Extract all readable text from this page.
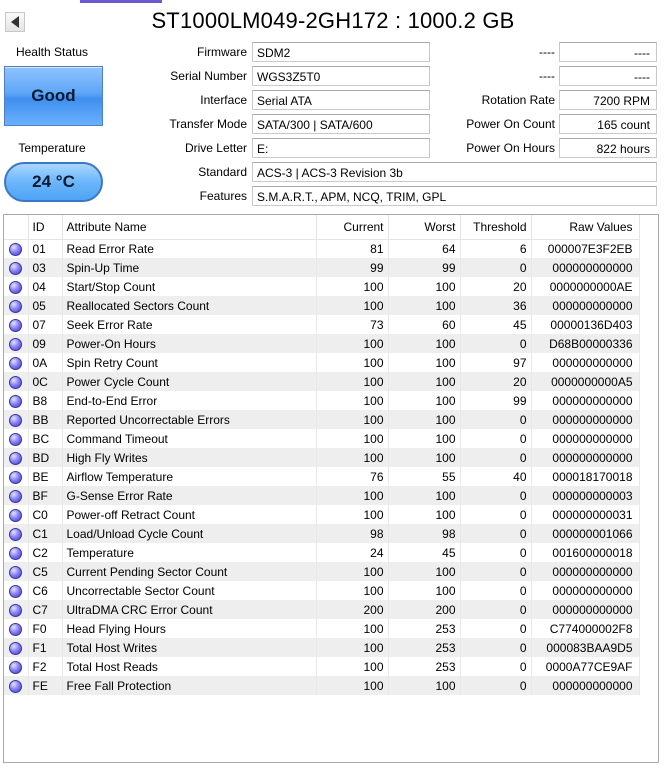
ST1000LM049-2GH172 : 1000.2 GB
Health Status
Good
Temperature
24 °C
Firmware SDM2
Serial Number WGS3Z5T0
Interface Serial ATA
Transfer Mode SATA/300 | SATA/600
Drive Letter E:
----	----
----	----
Rotation Rate	7200 RPM
Power On Count	165 count
Power On Hours	822 hours
Standard ACS-3 | ACS-3 Revision 3b
Features S.M.A.R.T., APM, NCQ, TRIM, GPL
	ID	Attribute Name	Current	Worst	Threshold	Raw Values
	01	Read Error Rate	81	64	6	000007E3F2EB
	03	Spin-Up Time	99	99	0	000000000000
	04	Start/Stop Count	100	100	20	0000000000AE
	05	Reallocated Sectors Count	100	100	36	000000000000
	07	Seek Error Rate	73	60	45	00000136D403
	09	Power-On Hours	100	100	0	D68B00000336
	0A	Spin Retry Count	100	100	97	000000000000
	0C	Power Cycle Count	100	100	20	0000000000A5
	B8	End-to-End Error	100	100	99	000000000000
	BB	Reported Uncorrectable Errors	100	100	0	000000000000
	BC	Command Timeout	100	100	0	000000000000
	BD	High Fly Writes	100	100	0	000000000000
	BE	Airflow Temperature	76	55	40	000018170018
	BF	G-Sense Error Rate	100	100	0	000000000003
	C0	Power-off Retract Count	100	100	0	000000000031
	C1	Load/Unload Cycle Count	98	98	0	000000001066
	C2	Temperature	24	45	0	001600000018
	C5	Current Pending Sector Count	100	100	0	000000000000
	C6	Uncorrectable Sector Count	100	100	0	000000000000
	C7	UltraDMA CRC Error Count	200	200	0	000000000000
	F0	Head Flying Hours	100	253	0	C774000002F8
	F1	Total Host Writes	100	253	0	000083BAA9D5
	F2	Total Host Reads	100	253	0	0000A77CE9AF
	FE	Free Fall Protection	100	100	0	000000000000
